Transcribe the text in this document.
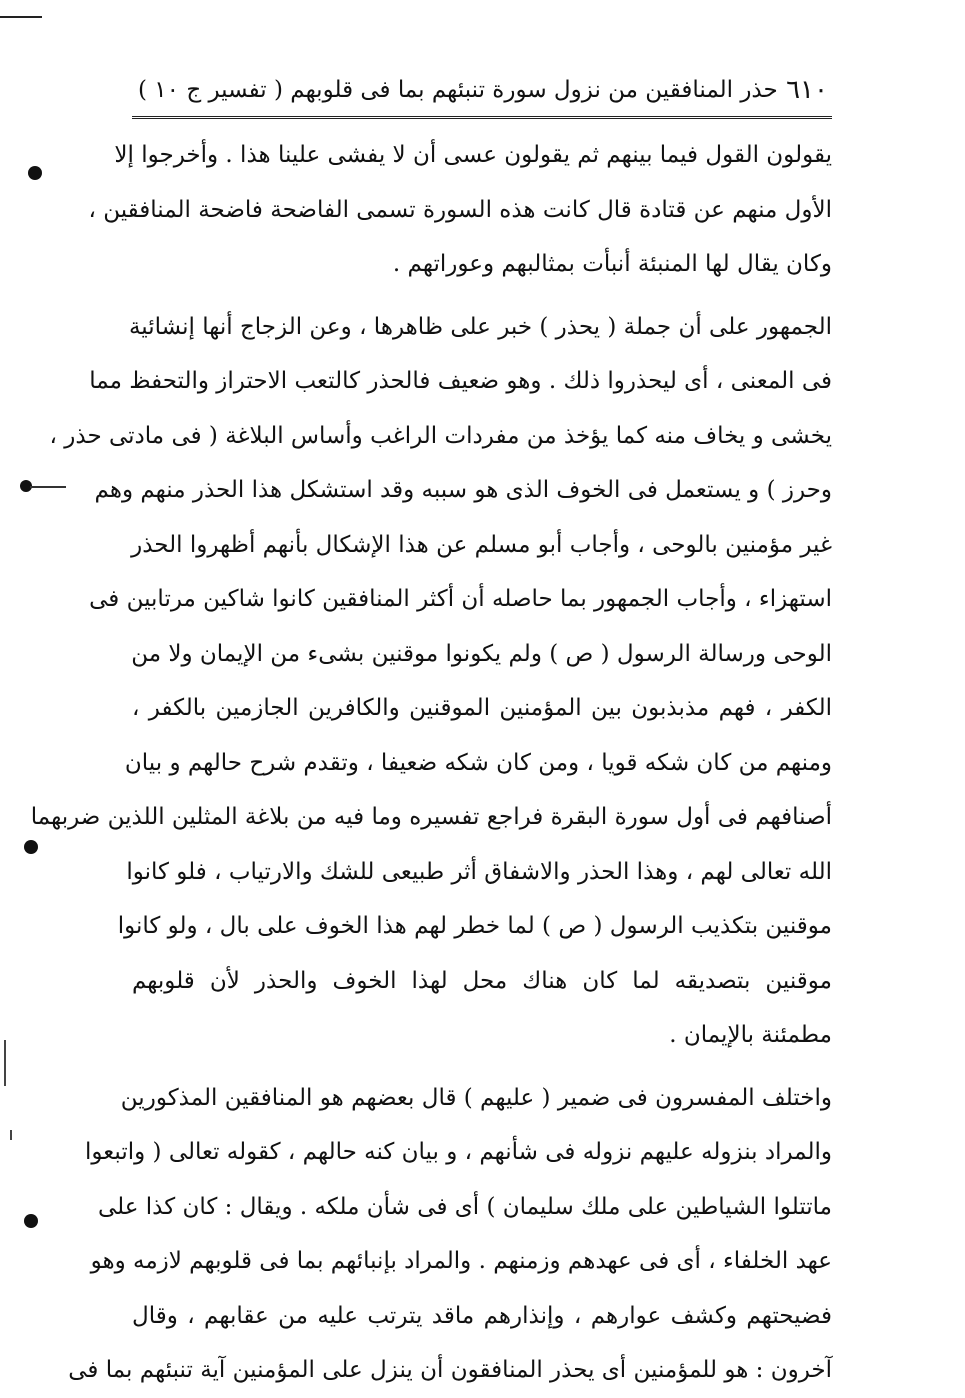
٦١٠
حذر المنافقين من نزول سورة تنبئهم بما فى قلوبهم ( تفسير ج ١٠ )
يقولون القول فيما بينهم ثم يقولون عسى أن لا يفشى علينا هذا . وأخرجوا إلا
الأول منهم عن قتادة قال كانت هذه السورة تسمى الفاضحة فاضحة المنافقين ،
وكان يقال لها المنبئة أنبأت بمثالبهم وعوراتهم .
الجمهور على أن جملة ( يحذر ) خبر على ظاهرها ، وعن الزجاج أنها إنشائية
فى المعنى ، أى ليحذروا ذلك . وهو ضعيف فالحذر كالتعب الاحتراز والتحفظ مما
يخشى و يخاف منه كما يؤخذ من مفردات الراغب وأساس البلاغة ( فى مادتى حذر ،
وحرز ) و يستعمل فى الخوف الذى هو سببه وقد استشكل هذا الحذر منهم وهم
غير مؤمنين بالوحى ، وأجاب أبو مسلم عن هذا الإشكال بأنهم أظهروا الحذر
استهزاء ، وأجاب الجمهور بما حاصله أن أكثر المنافقين كانوا شاكين مرتابين فى
الوحى ورسالة الرسول ( ص ) ولم يكونوا موقنين بشىء من الإيمان ولا من
الكفر ، فهم مذبذبون بين المؤمنين الموقنين والكافرين الجازمين بالكفر ،
ومنهم من كان شكه قويا ، ومن كان شكه ضعيفا ، وتقدم شرح حالهم و بيان
أصنافهم فى أول سورة البقرة فراجع تفسيره وما فيه من بلاغة المثلين اللذين ضربهما
الله تعالى لهم ، وهذا الحذر والاشفاق أثر طبيعى للشك والارتياب ، فلو كانوا
موقنين بتكذيب الرسول ( ص ) لما خطر لهم هذا الخوف على بال ، ولو كانوا
موقنين بتصديقه لما كان هناك محل لهذا الخوف والحذر لأن قلوبهم
مطمئنة بالإيمان .
واختلف المفسرون فى ضمير ( عليهم ) قال بعضهم هو المنافقين المذكورين
والمراد بنزوله عليهم نزوله فى شأنهم ، و بيان كنه حالهم ، كقوله تعالى ( واتبعوا
ماتتلوا الشياطين على ملك سليمان ) أى فى شأن ملكه . ويقال : كان كذا على
عهد الخلفاء ، أى فى عهدهم وزمنهم . والمراد بإنبائهم بما فى قلوبهم لازمه وهو
فضيحتهم وكشف عوارهم ، وإنذارهم ماقد يترتب عليه من عقابهم ، وقال
آخرون : هو للمؤمنين أى يحذر المنافقون أن ينزل على المؤمنين آية تنبئهم بما فى
